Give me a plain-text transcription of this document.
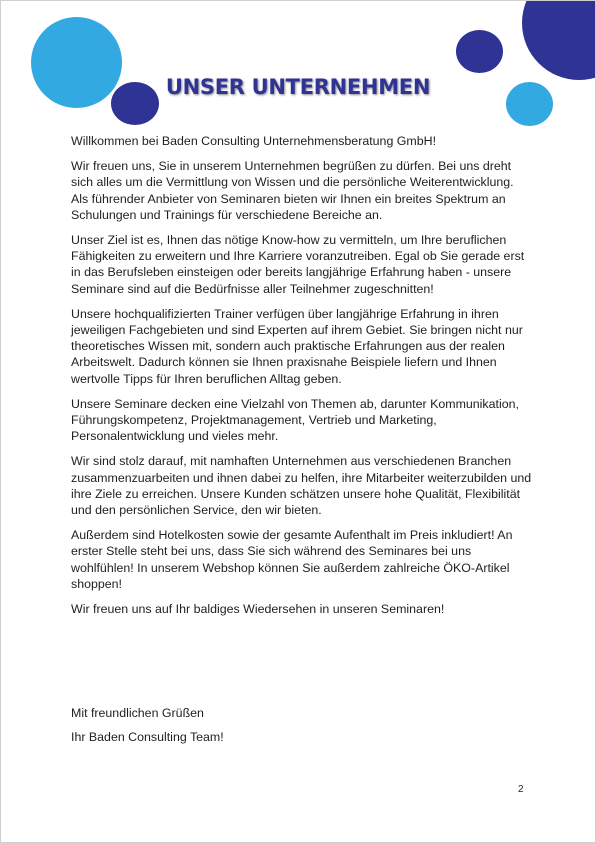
UNSER UNTERNEHMEN

Willkommen bei Baden Consulting Unternehmensberatung GmbH!

Wir freuen uns, Sie in unserem Unternehmen begrüßen zu dürfen. Bei uns dreht sich alles um die Vermittlung von Wissen und die persönliche Weiterentwicklung. Als führender Anbieter von Seminaren bieten wir Ihnen ein breites Spektrum an Schulungen und Trainings für verschiedene Bereiche an.

Unser Ziel ist es, Ihnen das nötige Know-how zu vermitteln, um Ihre beruflichen Fähigkeiten zu erweitern und Ihre Karriere voranzutreiben. Egal ob Sie gerade erst in das Berufsleben einsteigen oder bereits langjährige Erfahrung haben - unsere Seminare sind auf die Bedürfnisse aller Teilnehmer zugeschnitten!

Unsere hochqualifizierten Trainer verfügen über langjährige Erfahrung in ihren jeweiligen Fachgebieten und sind Experten auf ihrem Gebiet. Sie bringen nicht nur theoretisches Wissen mit, sondern auch praktische Erfahrungen aus der realen Arbeitswelt. Dadurch können sie Ihnen praxisnahe Beispiele liefern und Ihnen wertvolle Tipps für Ihren beruflichen Alltag geben.

Unsere Seminare decken eine Vielzahl von Themen ab, darunter Kommunikation, Führungskompetenz, Projektmanagement, Vertrieb und Marketing, Personalentwicklung und vieles mehr.

Wir sind stolz darauf, mit namhaften Unternehmen aus verschiedenen Branchen zusammenzuarbeiten und ihnen dabei zu helfen, ihre Mitarbeiter weiterzubilden und ihre Ziele zu erreichen. Unsere Kunden schätzen unsere hohe Qualität, Flexibilität und den persönlichen Service, den wir bieten.

Außerdem sind Hotelkosten sowie der gesamte Aufenthalt im Preis inkludiert! An erster Stelle steht bei uns, dass Sie sich während des Seminares bei uns wohlfühlen! In unserem Webshop können Sie außerdem zahlreiche ÖKO-Artikel shoppen!

Wir freuen uns auf Ihr baldiges Wiedersehen in unseren Seminaren!

Mit freundlichen Grüßen
Ihr Baden Consulting Team!
2
